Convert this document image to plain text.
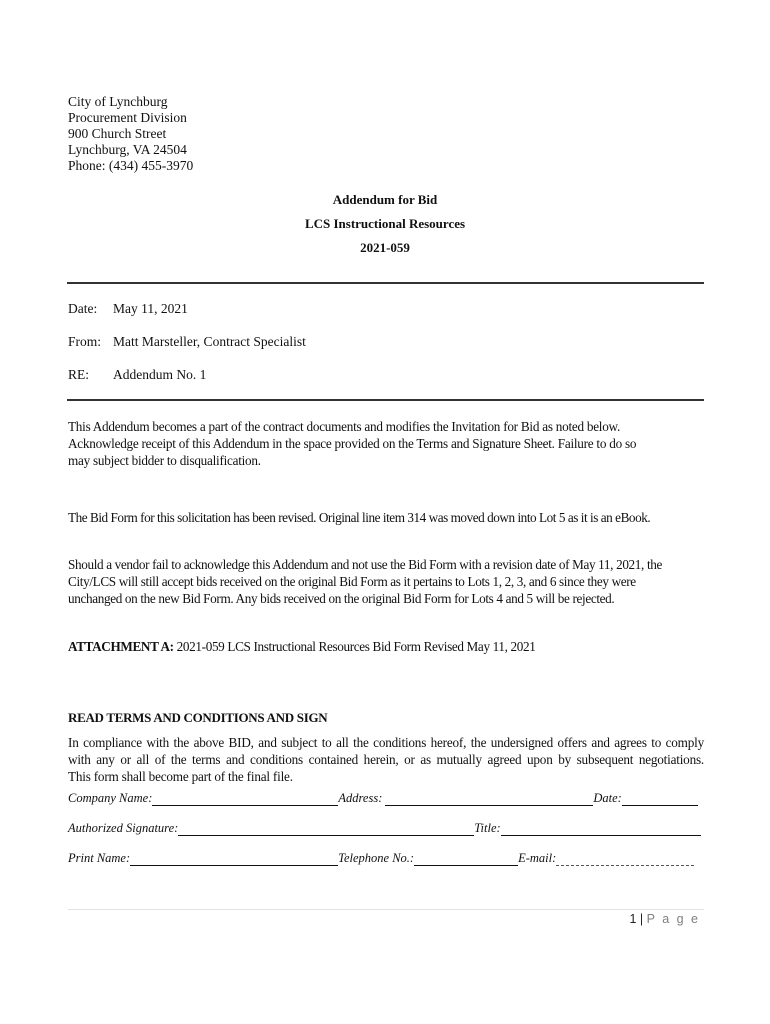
City of Lynchburg
Procurement Division
900 Church Street
Lynchburg, VA 24504
Phone: (434) 455-3970
Addendum for Bid
LCS Instructional Resources
2021-059
Date: May 11, 2021
From: Matt Marsteller, Contract Specialist
RE: Addendum No. 1
This Addendum becomes a part of the contract documents and modifies the Invitation for Bid as noted below.
Acknowledge receipt of this Addendum in the space provided on the Terms and Signature Sheet. Failure to do so
may subject bidder to disqualification.
The Bid Form for this solicitation has been revised. Original line item 314 was moved down into Lot 5 as it is an eBook.
Should a vendor fail to acknowledge this Addendum and not use the Bid Form with a revision date of May 11, 2021, the
City/LCS will still accept bids received on the original Bid Form as it pertains to Lots 1, 2, 3, and 6 since they were
unchanged on the new Bid Form. Any bids received on the original Bid Form for Lots 4 and 5 will be rejected.
ATTACHMENT A: 2021-059 LCS Instructional Resources Bid Form Revised May 11, 2021
READ TERMS AND CONDITIONS AND SIGN
In compliance with the above BID, and subject to all the conditions hereof, the undersigned offers and agrees to comply
with any or all of the terms and conditions contained herein, or as mutually agreed upon by subsequent negotiations.
This form shall become part of the final file.
Company Name:	Address:	Date:
Authorized Signature:	Title:
Print Name:	Telephone No.:	E-mail:
1 | P a g e
